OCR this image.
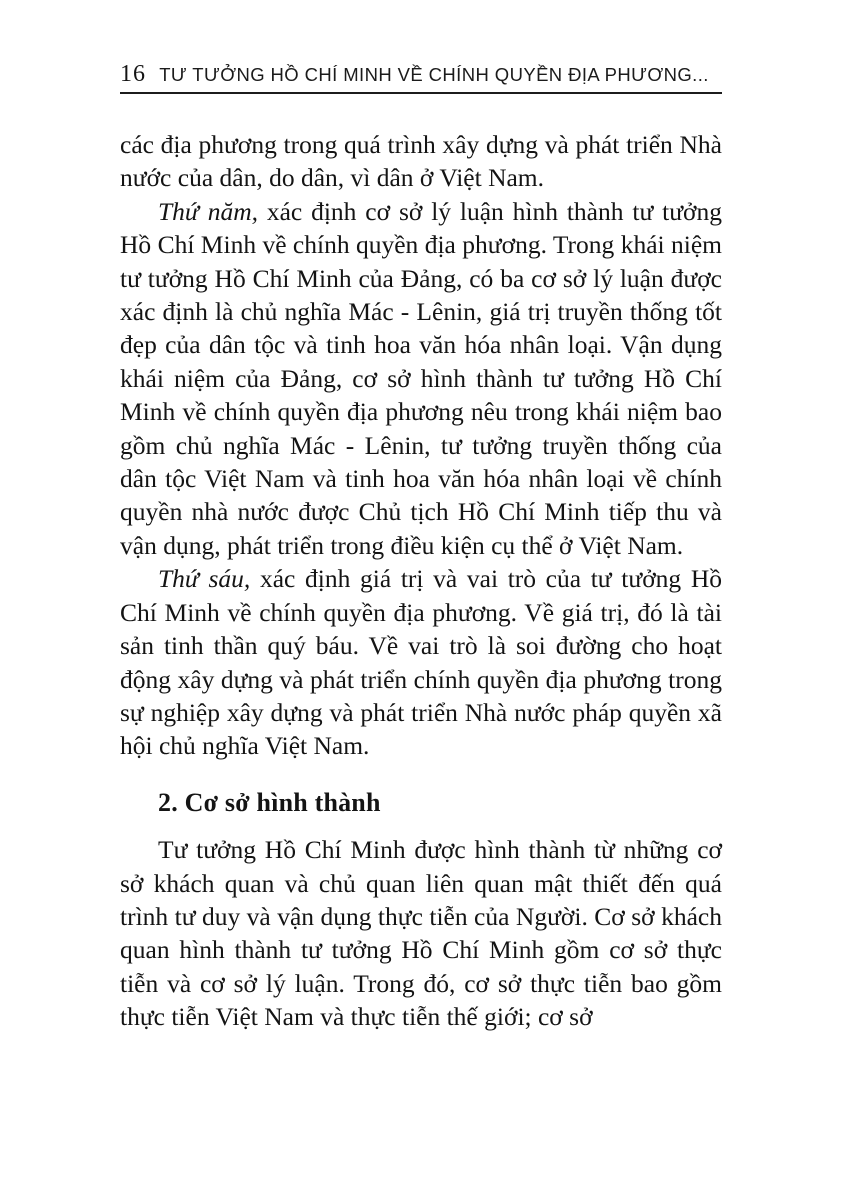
16 TƯ TƯỞNG HỒ CHÍ MINH VỀ CHÍNH QUYỀN ĐỊA PHƯƠNG...

các địa phương trong quá trình xây dựng và phát triển Nhà nước của dân, do dân, vì dân ở Việt Nam.

Thứ năm, xác định cơ sở lý luận hình thành tư tưởng Hồ Chí Minh về chính quyền địa phương. Trong khái niệm tư tưởng Hồ Chí Minh của Đảng, có ba cơ sở lý luận được xác định là chủ nghĩa Mác - Lênin, giá trị truyền thống tốt đẹp của dân tộc và tinh hoa văn hóa nhân loại. Vận dụng khái niệm của Đảng, cơ sở hình thành tư tưởng Hồ Chí Minh về chính quyền địa phương nêu trong khái niệm bao gồm chủ nghĩa Mác - Lênin, tư tưởng truyền thống của dân tộc Việt Nam và tinh hoa văn hóa nhân loại về chính quyền nhà nước được Chủ tịch Hồ Chí Minh tiếp thu và vận dụng, phát triển trong điều kiện cụ thể ở Việt Nam.

Thứ sáu, xác định giá trị và vai trò của tư tưởng Hồ Chí Minh về chính quyền địa phương. Về giá trị, đó là tài sản tinh thần quý báu. Về vai trò là soi đường cho hoạt động xây dựng và phát triển chính quyền địa phương trong sự nghiệp xây dựng và phát triển Nhà nước pháp quyền xã hội chủ nghĩa Việt Nam.

2. Cơ sở hình thành

Tư tưởng Hồ Chí Minh được hình thành từ những cơ sở khách quan và chủ quan liên quan mật thiết đến quá trình tư duy và vận dụng thực tiễn của Người. Cơ sở khách quan hình thành tư tưởng Hồ Chí Minh gồm cơ sở thực tiễn và cơ sở lý luận. Trong đó, cơ sở thực tiễn bao gồm thực tiễn Việt Nam và thực tiễn thế giới; cơ sở
